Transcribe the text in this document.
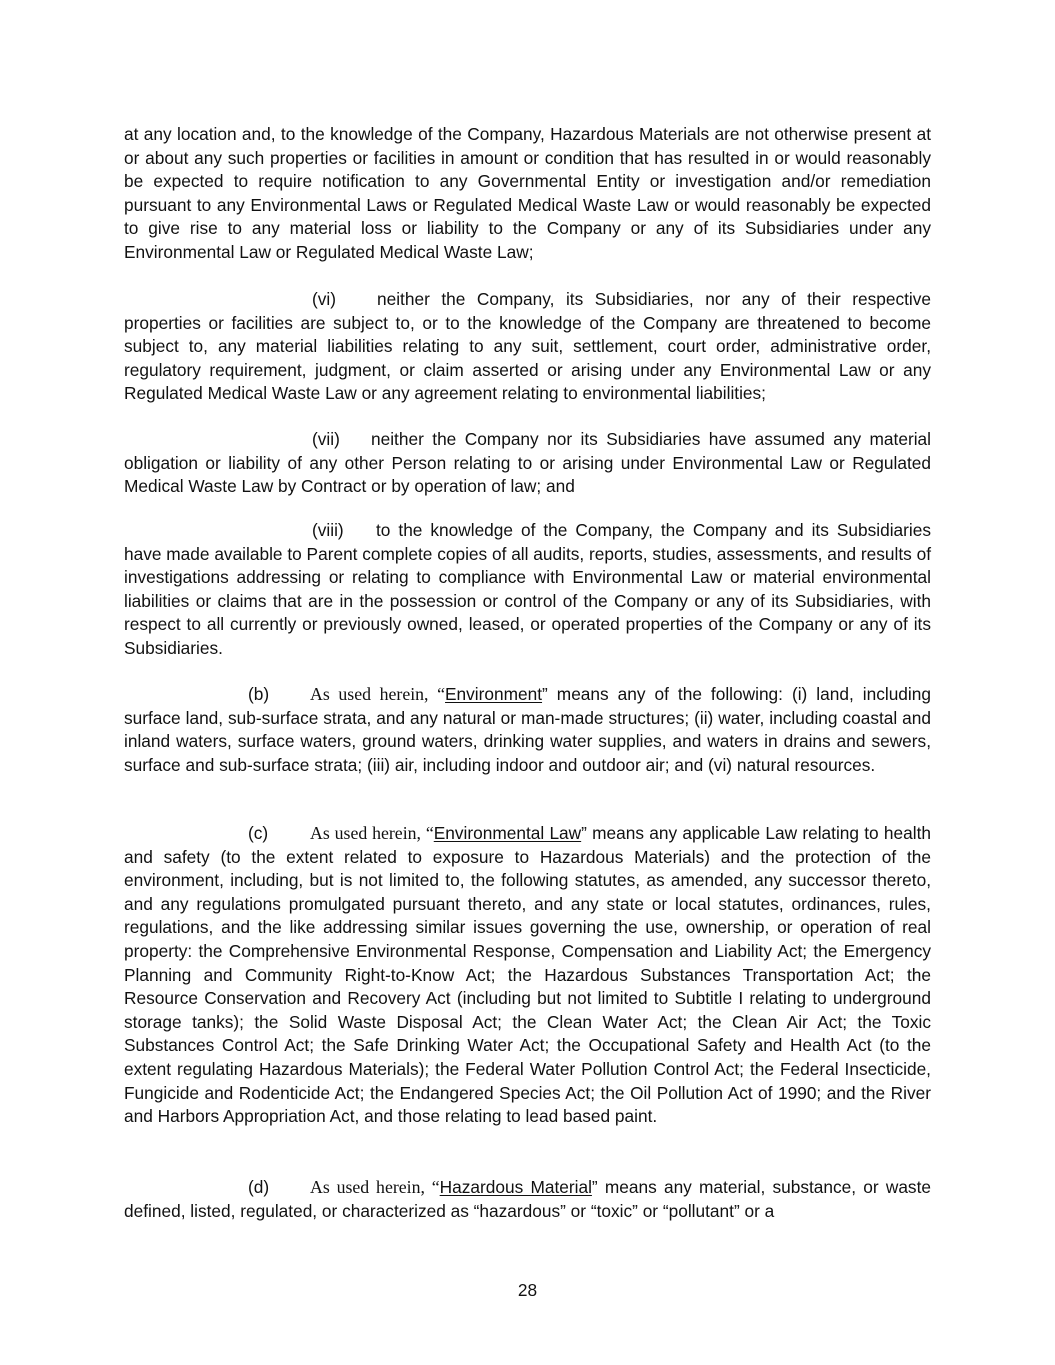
at any location and, to the knowledge of the Company, Hazardous Materials are not otherwise present at or about any such properties or facilities in amount or condition that has resulted in or would reasonably be expected to require notification to any Governmental Entity or investigation and/or remediation pursuant to any Environmental Laws or Regulated Medical Waste Law or would reasonably be expected to give rise to any material loss or liability to the Company or any of its Subsidiaries under any Environmental Law or Regulated Medical Waste Law;

(vi) neither the Company, its Subsidiaries, nor any of their respective properties or facilities are subject to, or to the knowledge of the Company are threatened to become subject to, any material liabilities relating to any suit, settlement, court order, administrative order, regulatory requirement, judgment, or claim asserted or arising under any Environmental Law or any Regulated Medical Waste Law or any agreement relating to environmental liabilities;

(vii) neither the Company nor its Subsidiaries have assumed any material obligation or liability of any other Person relating to or arising under Environmental Law or Regulated Medical Waste Law by Contract or by operation of law; and

(viii) to the knowledge of the Company, the Company and its Subsidiaries have made available to Parent complete copies of all audits, reports, studies, assessments, and results of investigations addressing or relating to compliance with Environmental Law or material environmental liabilities or claims that are in the possession or control of the Company or any of its Subsidiaries, with respect to all currently or previously owned, leased, or operated properties of the Company or any of its Subsidiaries.

(b) As used herein, “Environment” means any of the following: (i) land, including surface land, sub-surface strata, and any natural or man-made structures; (ii) water, including coastal and inland waters, surface waters, ground waters, drinking water supplies, and waters in drains and sewers, surface and sub-surface strata; (iii) air, including indoor and outdoor air; and (vi) natural resources.

(c) As used herein, “Environmental Law” means any applicable Law relating to health and safety (to the extent related to exposure to Hazardous Materials) and the protection of the environment, including, but is not limited to, the following statutes, as amended, any successor thereto, and any regulations promulgated pursuant thereto, and any state or local statutes, ordinances, rules, regulations, and the like addressing similar issues governing the use, ownership, or operation of real property: the Comprehensive Environmental Response, Compensation and Liability Act; the Emergency Planning and Community Right-to-Know Act; the Hazardous Substances Transportation Act; the Resource Conservation and Recovery Act (including but not limited to Subtitle I relating to underground storage tanks); the Solid Waste Disposal Act; the Clean Water Act; the Clean Air Act; the Toxic Substances Control Act; the Safe Drinking Water Act; the Occupational Safety and Health Act (to the extent regulating Hazardous Materials); the Federal Water Pollution Control Act; the Federal Insecticide, Fungicide and Rodenticide Act; the Endangered Species Act; the Oil Pollution Act of 1990; and the River and Harbors Appropriation Act, and those relating to lead based paint.

(d) As used herein, “Hazardous Material” means any material, substance, or waste defined, listed, regulated, or characterized as “hazardous” or “toxic” or “pollutant” or a

28
